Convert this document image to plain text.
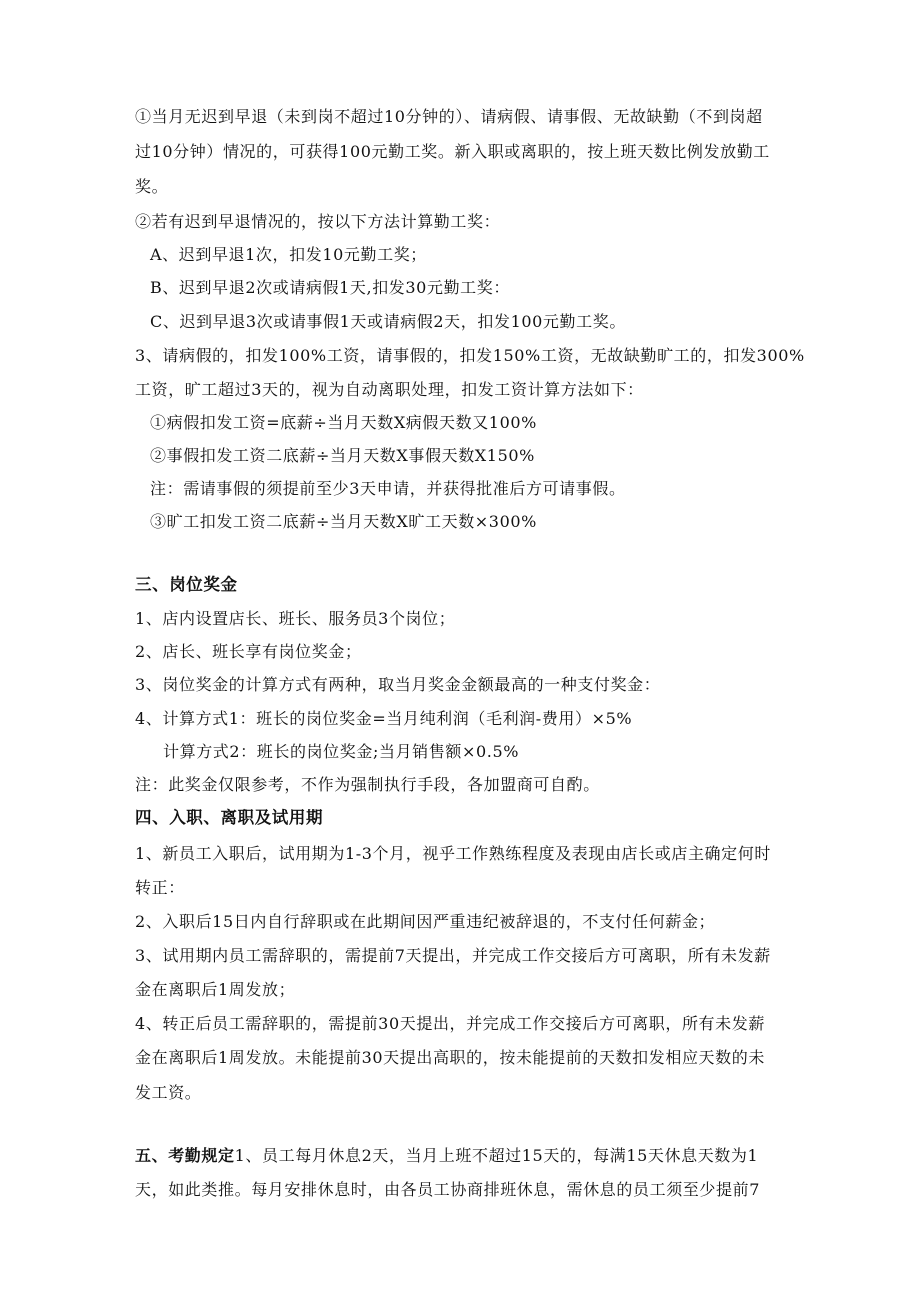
①当月无迟到早退（未到岗不超过10分钟的）、请病假、请事假、无故缺勤（不到岗超
过10分钟）情况的，可获得100元勤工奖。新入职或离职的，按上班天数比例发放勤工
奖。
②若有迟到早退情况的，按以下方法计算勤工奖：
A、迟到早退1次，扣发10元勤工奖；
B、迟到早退2次或请病假1天,扣发30元勤工奖：
C、迟到早退3次或请事假1天或请病假2天，扣发100元勤工奖。
3、请病假的，扣发100%工资，请事假的，扣发150%工资，无故缺勤旷工的，扣发300%
工资，旷工超过3天的，视为自动离职处理，扣发工资计算方法如下：
①病假扣发工资=底薪÷当月天数X病假天数又100%
②事假扣发工资二底薪÷当月天数X事假天数X150%
注：需请事假的须提前至少3天申请，并获得批准后方可请事假。
③旷工扣发工资二底薪÷当月天数X旷工天数×300%
三、岗位奖金
1、店内设置店长、班长、服务员3个岗位；
2、店长、班长享有岗位奖金；
3、岗位奖金的计算方式有两种，取当月奖金金额最高的一种支付奖金：
4、计算方式1：班长的岗位奖金=当月纯利润（毛利润-费用）×5%
计算方式2：班长的岗位奖金;当月销售额×0.5%
注：此奖金仅限参考，不作为强制执行手段，各加盟商可自酌。
四、入职、离职及试用期
1、新员工入职后，试用期为1-3个月，视乎工作熟练程度及表现由店长或店主确定何时
转正：
2、入职后15日内自行辞职或在此期间因严重违纪被辞退的，不支付任何薪金；
3、试用期内员工需辞职的，需提前7天提出，并完成工作交接后方可离职，所有未发薪
金在离职后1周发放；
4、转正后员工需辞职的，需提前30天提出，并完成工作交接后方可离职，所有未发薪
金在离职后1周发放。未能提前30天提出高职的，按未能提前的天数扣发相应天数的未
发工资。
五、考勤规定1、员工每月休息2天，当月上班不超过15天的，每满15天休息天数为1
天，如此类推。每月安排休息时，由各员工协商排班休息，需休息的员工须至少提前7
